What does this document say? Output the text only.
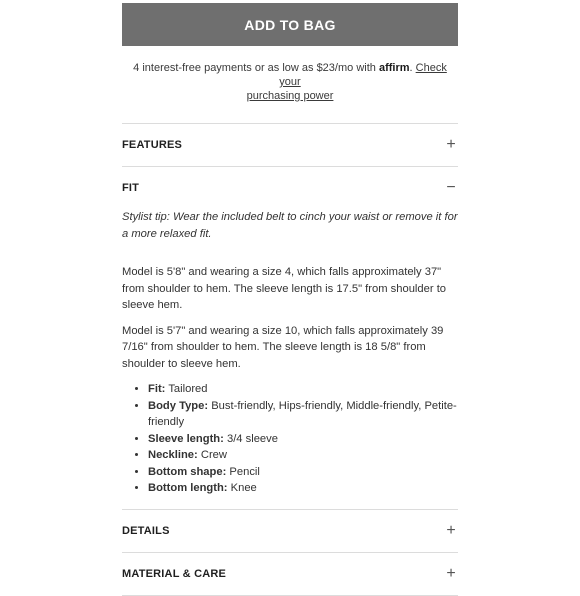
ADD TO BAG
4 interest-free payments or as low as $23/mo with affirm. Check your
purchasing power
FEATURES	+
FIT	−

Stylist tip: Wear the included belt to cinch your waist or remove it for a more relaxed fit.

Model is 5'8" and wearing a size 4, which falls approximately 37" from shoulder to hem. The sleeve length is 17.5" from shoulder to sleeve hem.

Model is 5'7" and wearing a size 10, which falls approximately 39 7/16" from shoulder to hem. The sleeve length is 18 5/8" from shoulder to sleeve hem.

• Fit: Tailored
• Body Type: Bust-friendly, Hips-friendly, Middle-friendly, Petite-friendly
• Sleeve length: 3/4 sleeve
• Neckline: Crew
• Bottom shape: Pencil
• Bottom length: Knee
DETAILS	+
MATERIAL & CARE	+
